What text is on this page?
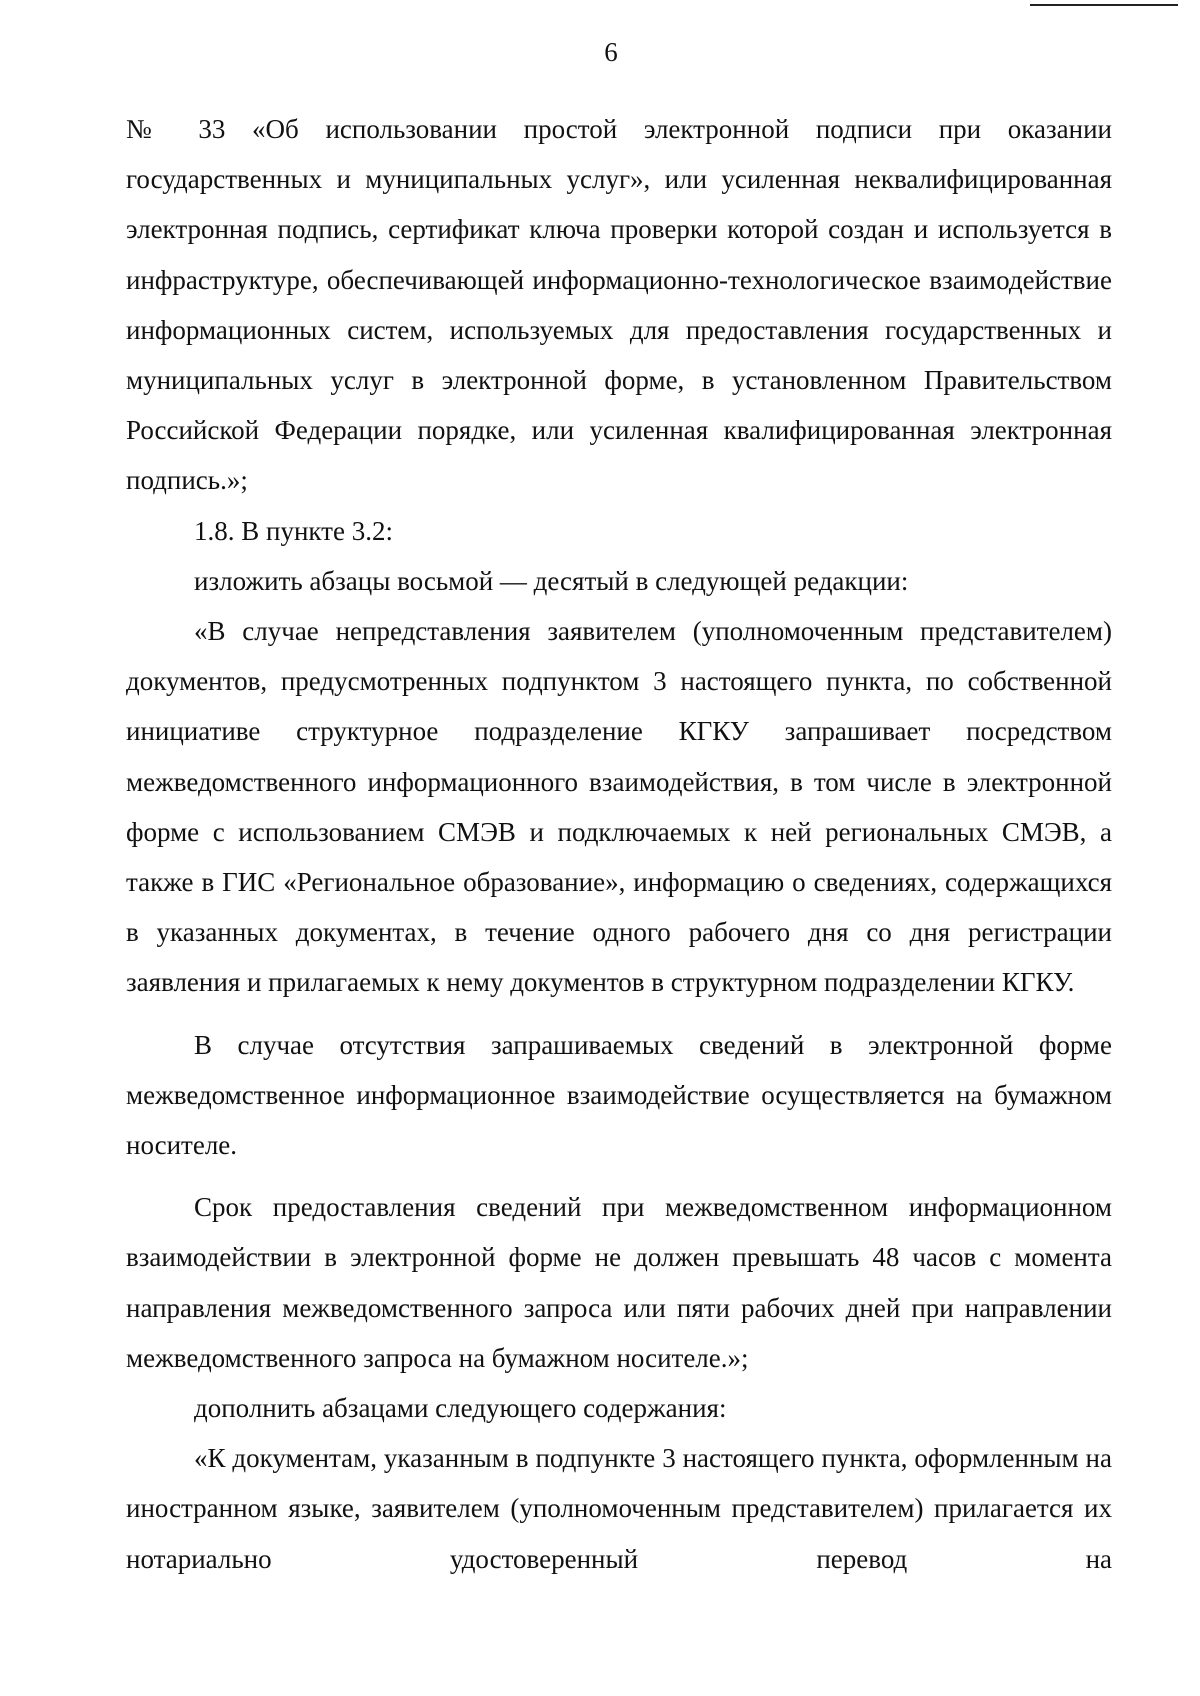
6

№ 33 «Об использовании простой электронной подписи при оказании государственных и муниципальных услуг», или усиленная неквалифицированная электронная подпись, сертификат ключа проверки которой создан и используется в инфраструктуре, обеспечивающей информационно-технологическое взаимодействие информационных систем, используемых для предоставления государственных и муниципальных услуг в электронной форме, в установленном Правительством Российской Федерации порядке, или усиленная квалифицированная электронная подпись.»;

1.8. В пункте 3.2:

изложить абзацы восьмой — десятый в следующей редакции:

«В случае непредставления заявителем (уполномоченным представителем) документов, предусмотренных подпунктом 3 настоящего пункта, по собственной инициативе структурное подразделение КГКУ запрашивает посредством межведомственного информационного взаимодействия, в том числе в электронной форме с использованием СМЭВ и подключаемых к ней региональных СМЭВ, а также в ГИС «Региональное образование», информацию о сведениях, содержащихся в указанных документах, в течение одного рабочего дня со дня регистрации заявления и прилагаемых к нему документов в структурном подразделении КГКУ.

В случае отсутствия запрашиваемых сведений в электронной форме межведомственное информационное взаимодействие осуществляется на бумажном носителе.

Срок предоставления сведений при межведомственном информационном взаимодействии в электронной форме не должен превышать 48 часов с момента направления межведомственного запроса или пяти рабочих дней при направлении межведомственного запроса на бумажном носителе.»;

дополнить абзацами следующего содержания:

«К документам, указанным в подпункте 3 настоящего пункта, оформленным на иностранном языке, заявителем (уполномоченным представителем) прилагается их нотариально удостоверенный перевод на
